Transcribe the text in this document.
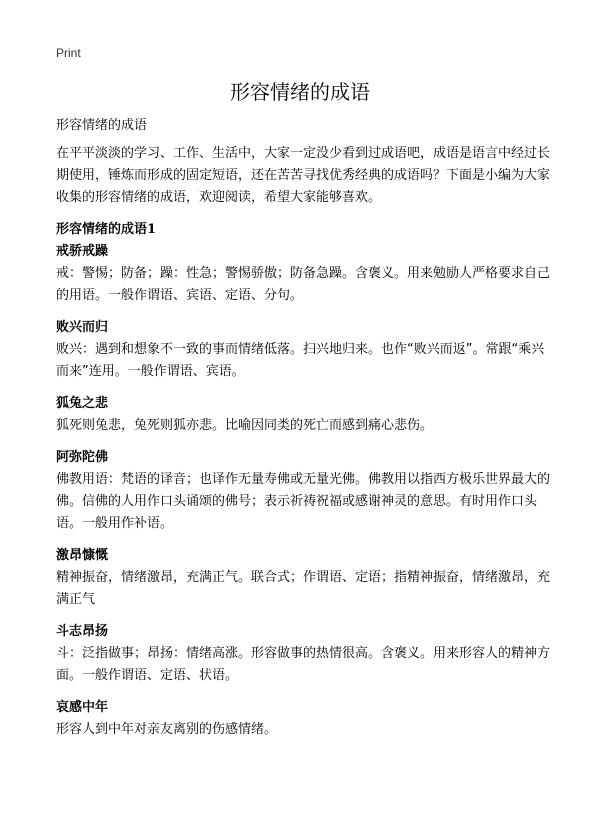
Print
形容情绪的成语

形容情绪的成语

在平平淡淡的学习、工作、生活中，大家一定没少看到过成语吧，成语是语言中经过长期使用，锤炼而形成的固定短语，还在苦苦寻找优秀经典的成语吗？下面是小编为大家收集的形容情绪的成语，欢迎阅读，希望大家能够喜欢。

形容情绪的成语1

戒骄戒躁

戒：警惕；防备；躁：性急；警惕骄傲；防备急躁。含褒义。用来勉励人严格要求自己的用语。一般作谓语、宾语、定语、分句。

败兴而归

败兴：遇到和想象不一致的事而情绪低落。扫兴地归来。也作“败兴而返”。常跟“乘兴而来”连用。一般作谓语、宾语。

狐兔之悲

狐死则兔悲，兔死则狐亦悲。比喻因同类的死亡而感到痛心悲伤。

阿弥陀佛

佛教用语：梵语的译音；也译作无量寿佛或无量光佛。佛教用以指西方极乐世界最大的佛。信佛的人用作口头诵颂的佛号；表示祈祷祝福或感谢神灵的意思。有时用作口头语。一般用作补语。

激昂慷慨

精神振奋，情绪激昂，充满正气。联合式；作谓语、定语；指精神振奋，情绪激昂，充满正气

斗志昂扬

斗：泛指做事；昂扬：情绪高涨。形容做事的热情很高。含褒义。用来形容人的精神方面。一般作谓语、定语、状语。

哀感中年

形容人到中年对亲友离别的伤感情绪。
